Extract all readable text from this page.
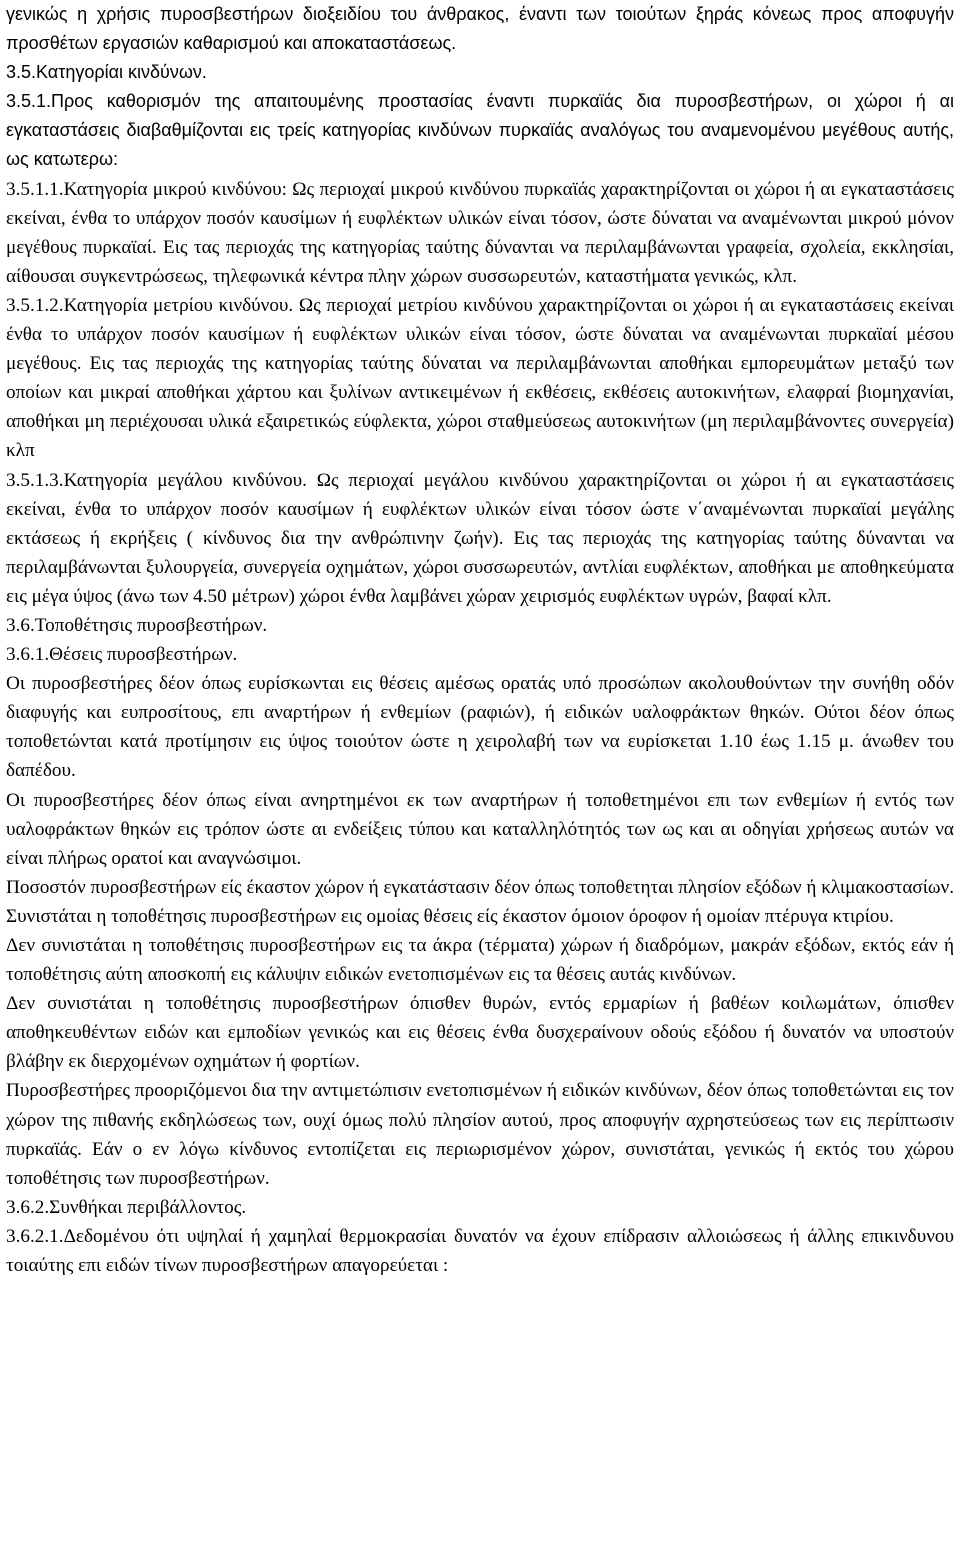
γενικώς η χρήσις πυροσβεστήρων διοξειδίου του άνθρακος, έναντι των τοιούτων ξηράς κόνεως προς αποφυγήν προσθέτων εργασιών καθαρισμού και αποκαταστάσεως.

3.5.Κατηγορίαι κινδύνων.

3.5.1.Προς καθορισμόν της απαιτουμένης προστασίας έναντι πυρκαϊάς δια πυροσβεστήρων, οι χώροι ή αι εγκαταστάσεις διαβαθμίζονται εις τρείς κατηγορίας κινδύνων πυρκαϊάς αναλόγως του αναμενομένου μεγέθους αυτής, ως κατωτερω:

3.5.1.1.Κατηγορία μικρού κινδύνου: Ως περιοχαί μικρού κινδύνου πυρκαϊάς χαρακτηρίζονται οι χώροι ή αι εγκαταστάσεις εκείναι, ένθα το υπάρχον ποσόν καυσίμων ή ευφλέκτων υλικών είναι τόσον, ώστε δύναται να αναμένωνται μικρού μόνον μεγέθους πυρκαϊαί. Εις τας περιοχάς της κατηγορίας ταύτης δύνανται να περιλαμβάνωνται γραφεία, σχολεία, εκκλησίαι, αίθουσαι συγκεντρώσεως, τηλεφωνικά κέντρα πλην χώρων συσσωρευτών, καταστήματα γενικώς, κλπ.

3.5.1.2.Κατηγορία μετρίου κινδύνου. Ως περιοχαί μετρίου κινδύνου χαρακτηρίζονται οι χώροι ή αι εγκαταστάσεις εκείναι ένθα το υπάρχον ποσόν καυσίμων ή ευφλέκτων υλικών είναι τόσον, ώστε δύναται να αναμένωνται πυρκαϊαί μέσου μεγέθους. Εις τας περιοχάς της κατηγορίας ταύτης δύναται να περιλαμβάνωνται αποθήκαι εμπορευμάτων μεταξύ των οποίων και μικραί αποθήκαι χάρτου και ξυλίνων αντικειμένων ή εκθέσεις, εκθέσεις αυτοκινήτων, ελαφραί βιομηχανίαι, αποθήκαι μη περιέχουσαι υλικά εξαιρετικώς εύφλεκτα, χώροι σταθμεύσεως αυτοκινήτων (μη περιλαμβάνοντες συνεργεία) κλπ

3.5.1.3.Κατηγορία μεγάλου κινδύνου. Ως περιοχαί μεγάλου κινδύνου χαρακτηρίζονται οι χώροι ή αι εγκαταστάσεις εκείναι, ένθα το υπάρχον ποσόν καυσίμων ή ευφλέκτων υλικών είναι τόσον ώστε ν΄αναμένωνται πυρκαϊαί μεγάλης εκτάσεως ή εκρήξεις ( κίνδυνος δια την ανθρώπινην ζωήν). Εις τας περιοχάς της κατηγορίας ταύτης δύνανται να περιλαμβάνωνται ξυλουργεία, συνεργεία οχημάτων, χώροι συσσωρευτών, αντλίαι ευφλέκτων, αποθήκαι με αποθηκεύματα εις μέγα ύψος (άνω των 4.50 μέτρων) χώροι ένθα λαμβάνει χώραν χειρισμός ευφλέκτων υγρών, βαφαί κλπ.

3.6.Τοποθέτησις πυροσβεστήρων.

3.6.1.Θέσεις πυροσβεστήρων.

Οι πυροσβεστήρες δέον όπως ευρίσκωνται εις θέσεις αμέσως ορατάς υπό προσώπων ακολουθούντων την συνήθη οδόν διαφυγής και ευπροσίτους, επι αναρτήρων ή ενθεμίων (ραφιών), ή ειδικών υαλοφράκτων θηκών. Ούτοι δέον όπως τοποθετώνται κατά προτίμησιν εις ύψος τοιούτον ώστε η χειρολαβή των να ευρίσκεται 1.10 έως 1.15 μ. άνωθεν του δαπέδου.

Οι πυροσβεστήρες δέον όπως είναι ανηρτημένοι εκ των αναρτήρων ή τοποθετημένοι επι των ενθεμίων ή εντός των υαλοφράκτων θηκών εις τρόπον ώστε αι ενδείξεις τύπου και καταλληλότητός των ως και αι οδηγίαι χρήσεως αυτών να είναι πλήρως ορατοί και αναγνώσιμοι.

Ποσοστόν πυροσβεστήρων είς έκαστον χώρον ή εγκατάστασιν δέον όπως τοποθετηται πλησίον εξόδων ή κλιμακοστασίων. Συνιστάται η τοποθέτησις πυροσβεστήρων εις ομοίας θέσεις είς έκαστον όμοιον όροφον ή ομοίαν πτέρυγα κτιρίου.

Δεν συνιστάται η τοποθέτησις πυροσβεστήρων εις τα άκρα (τέρματα) χώρων ή διαδρόμων, μακράν εξόδων, εκτός εάν ή τοποθέτησις αύτη αποσκοπή εις κάλυψιν ειδικών ενετοπισμένων εις τα θέσεις αυτάς κινδύνων.

Δεν συνιστάται η τοποθέτησις πυροσβεστήρων όπισθεν θυρών, εντός ερμαρίων ή βαθέων κοιλωμάτων, όπισθεν αποθηκευθέντων ειδών και εμποδίων γενικώς και εις θέσεις ένθα δυσχεραίνουν οδούς εξόδου ή δυνατόν να υποστούν βλάβην εκ διερχομένων οχημάτων ή φορτίων.

Πυροσβεστήρες προοριζόμενοι δια την αντιμετώπισιν ενετοπισμένων ή ειδικών κινδύνων, δέον όπως τοποθετώνται εις τον χώρον της πιθανής εκδηλώσεως των, ουχί όμως πολύ πλησίον αυτού, προς αποφυγήν αχρηστεύσεως των εις περίπτωσιν πυρκαϊάς. Εάν ο εν λόγω κίνδυνος εντοπίζεται εις περιωρισμένον χώρον, συνιστάται, γενικώς ή εκτός του χώρου τοποθέτησις των πυροσβεστήρων.

3.6.2.Συνθήκαι περιβάλλοντος.

3.6.2.1.Δεδομένου ότι υψηλαί ή χαμηλαί θερμοκρασίαι δυνατόν να έχουν επίδρασιν αλλοιώσεως ή άλλης επικινδυνου τοιαύτης επι ειδών τίνων πυροσβεστήρων απαγορεύεται :
